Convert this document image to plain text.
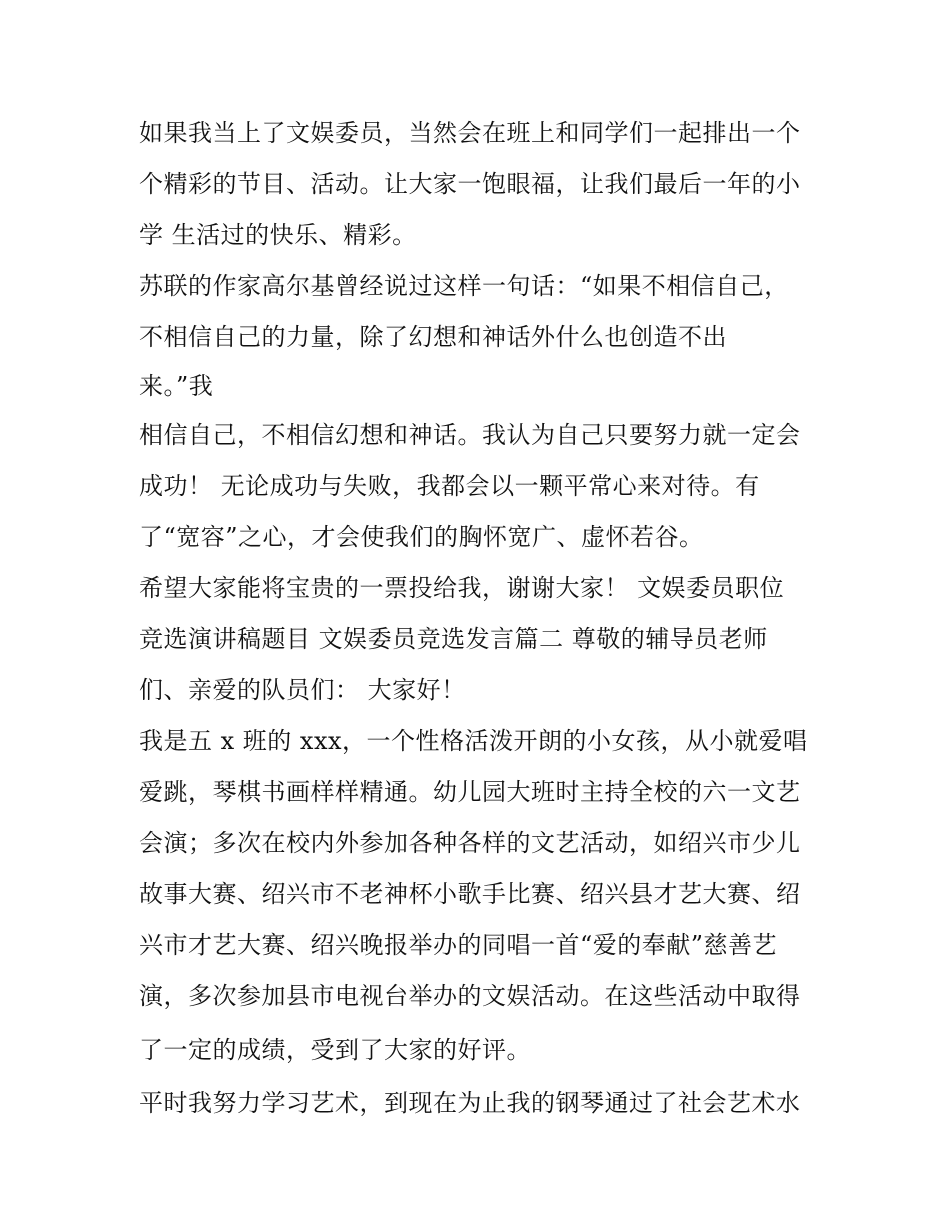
如果我当上了文娱委员，当然会在班上和同学们一起排出一个
个精彩的节目、活动。让大家一饱眼福，让我们最后一年的小
学 生活过的快乐、精彩。
苏联的作家高尔基曾经说过这样一句话：“如果不相信自己，
不相信自己的力量，除了幻想和神话外什么也创造不出
来。”我
相信自己，不相信幻想和神话。我认为自己只要努力就一定会
成功！ 无论成功与失败，我都会以一颗平常心来对待。有
了“宽容”之心，才会使我们的胸怀宽广、虚怀若谷。
希望大家能将宝贵的一票投给我，谢谢大家！ 文娱委员职位
竞选演讲稿题目 文娱委员竞选发言篇二 尊敬的辅导员老师
们、亲爱的队员们： 大家好！
我是五 x 班的 xxx，一个性格活泼开朗的小女孩，从小就爱唱
爱跳，琴棋书画样样精通。幼儿园大班时主持全校的六一文艺
会演；多次在校内外参加各种各样的文艺活动，如绍兴市少儿
故事大赛、绍兴市不老神杯小歌手比赛、绍兴县才艺大赛、绍
兴市才艺大赛、绍兴晚报举办的同唱一首“爱的奉献”慈善艺
演，多次参加县市电视台举办的文娱活动。在这些活动中取得
了一定的成绩，受到了大家的好评。
平时我努力学习艺术，到现在为止我的钢琴通过了社会艺术水
